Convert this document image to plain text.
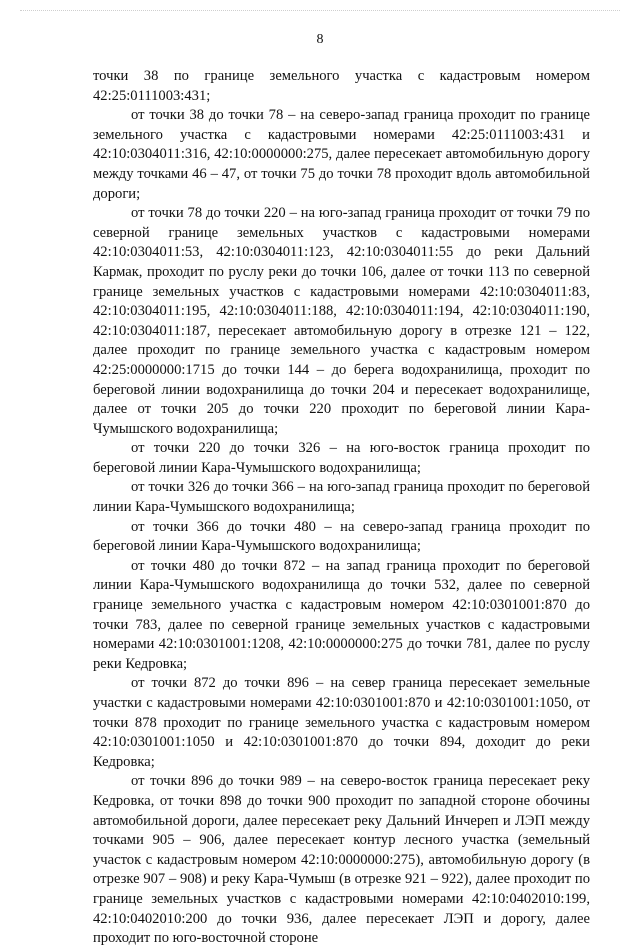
8

точки 38 по границе земельного участка с кадастровым номером 42:25:0111003:431;

от точки 38 до точки 78 – на северо-запад граница проходит по границе земельного участка с кадастровыми номерами 42:25:0111003:431 и 42:10:0304011:316, 42:10:0000000:275, далее пересекает автомобильную дорогу между точками 46 – 47, от точки 75 до точки 78 проходит вдоль автомобильной дороги;

от точки 78 до точки 220 – на юго-запад граница проходит от точки 79 по северной границе земельных участков с кадастровыми номерами 42:10:0304011:53, 42:10:0304011:123, 42:10:0304011:55 до реки Дальний Кармак, проходит по руслу реки до точки 106, далее от точки 113 по северной границе земельных участков с кадастровыми номерами 42:10:0304011:83, 42:10:0304011:195, 42:10:0304011:188, 42:10:0304011:194, 42:10:0304011:190, 42:10:0304011:187, пересекает автомобильную дорогу в отрезке 121 – 122, далее проходит по границе земельного участка с кадастровым номером 42:25:0000000:1715 до точки 144 – до берега водохранилища, проходит по береговой линии водохранилища до точки 204 и пересекает водохранилище, далее от точки 205 до точки 220 проходит по береговой линии Кара-Чумышского водохранилища;

от точки 220 до точки 326 – на юго-восток граница проходит по береговой линии Кара-Чумышского водохранилища;

от точки 326 до точки 366 – на юго-запад граница проходит по береговой линии Кара-Чумышского водохранилища;

от точки 366 до точки 480 – на северо-запад граница проходит по береговой линии Кара-Чумышского водохранилища;

от точки 480 до точки 872 – на запад граница проходит по береговой линии Кара-Чумышского водохранилища до точки 532, далее по северной границе земельного участка с кадастровым номером 42:10:0301001:870 до точки 783, далее по северной границе земельных участков с кадастровыми номерами 42:10:0301001:1208, 42:10:0000000:275 до точки 781, далее по руслу реки Кедровка;

от точки 872 до точки 896 – на север граница пересекает земельные участки с кадастровыми номерами 42:10:0301001:870 и 42:10:0301001:1050, от точки 878 проходит по границе земельного участка с кадастровым номером 42:10:0301001:1050 и 42:10:0301001:870 до точки 894, доходит до реки Кедровка;

от точки 896 до точки 989 – на северо-восток граница пересекает реку Кедровка, от точки 898 до точки 900 проходит по западной стороне обочины автомобильной дороги, далее пересекает реку Дальний Инчереп и ЛЭП между точками 905 – 906, далее пересекает контур лесного участка (земельный участок с кадастровым номером 42:10:0000000:275), автомобильную дорогу (в отрезке 907 – 908) и реку Кара-Чумыш (в отрезке 921 – 922), далее проходит по границе земельных участков с кадастровыми номерами 42:10:0402010:199, 42:10:0402010:200 до точки 936, далее пересекает ЛЭП и дорогу, далее проходит по юго-восточной стороне
